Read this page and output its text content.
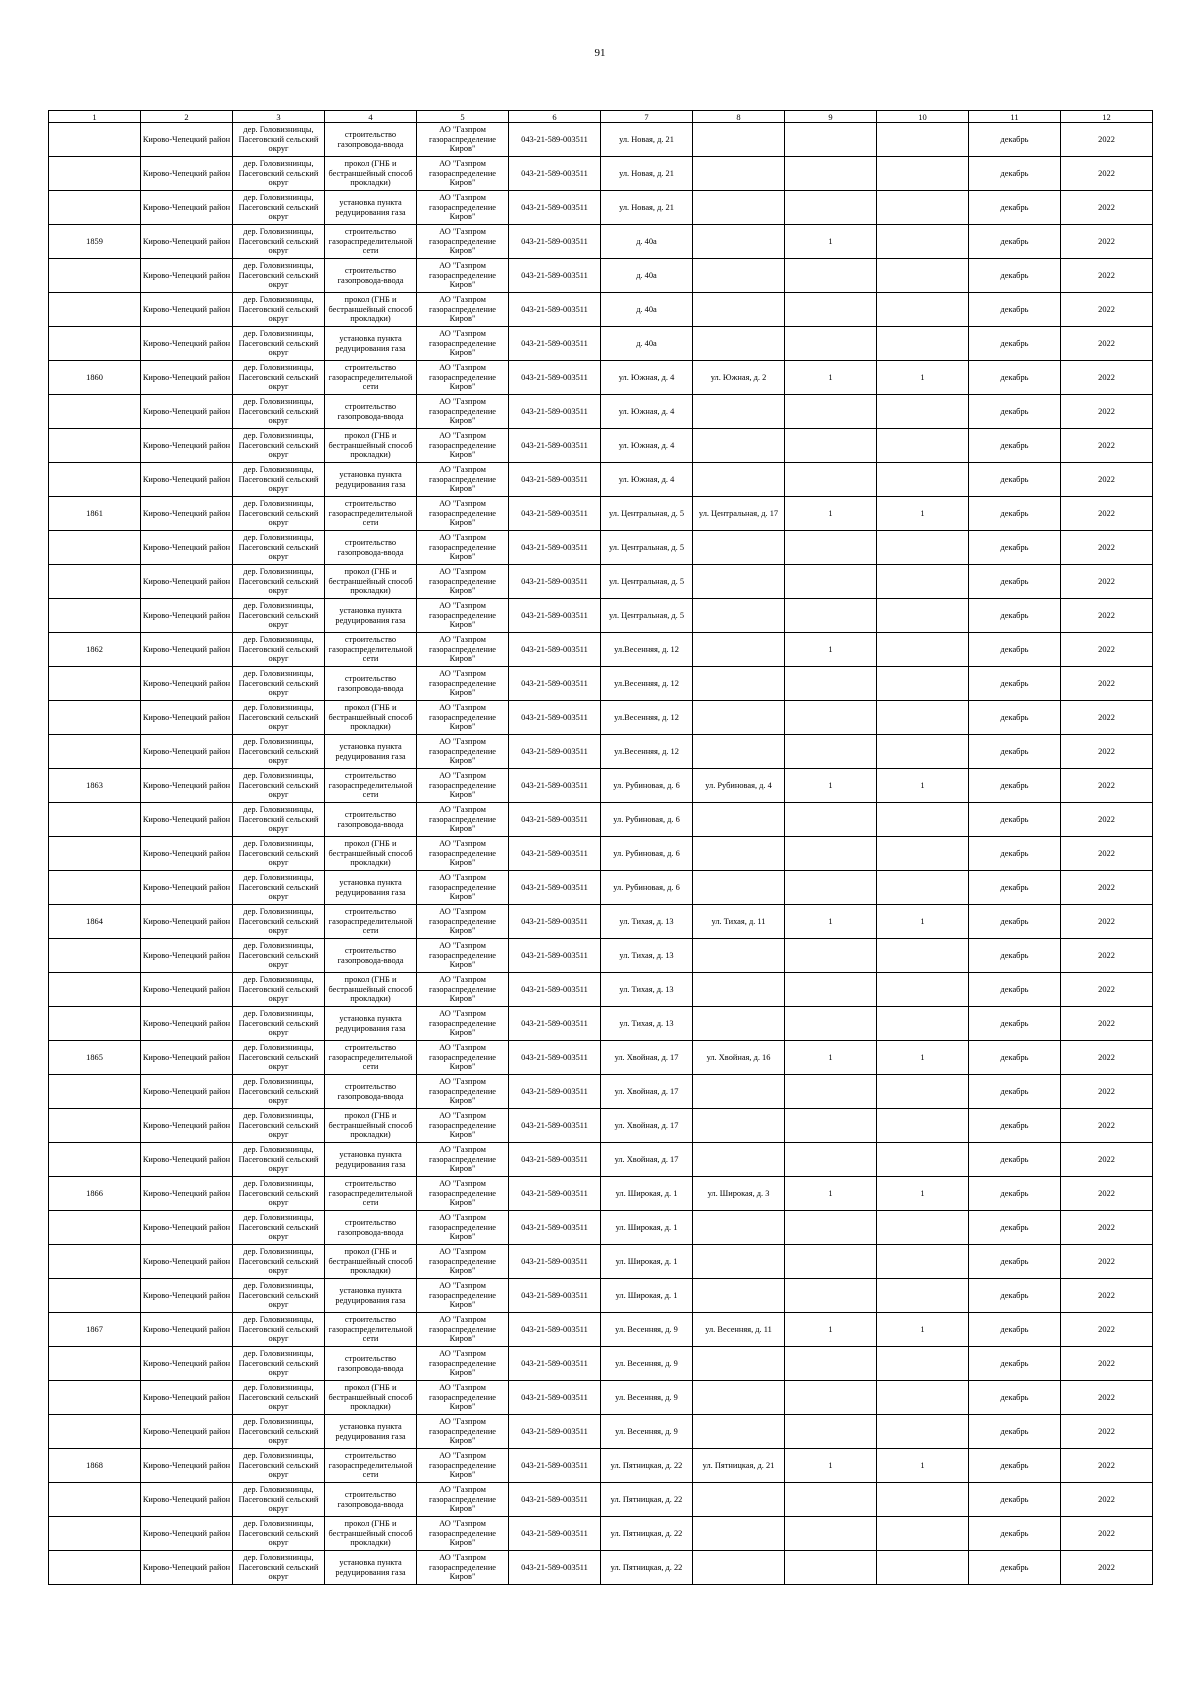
91
1	2	3	4	5	6	7	8	9	10	11	12

	Кирово-Чепецкий район	дер. Головизнинцы, Пасеговский сельский округ	строительство газопровода-ввода	АО "Газпром газораспределение Киров"	043-21-589-003511	ул. Новая, д. 21				декабрь	2022

	Кирово-Чепецкий район	дер. Головизнинцы, Пасеговский сельский округ	прокол (ГНБ и бестраншейный способ прокладки)	АО "Газпром газораспределение Киров"	043-21-589-003511	ул. Новая, д. 21				декабрь	2022

	Кирово-Чепецкий район	дер. Головизнинцы, Пасеговский сельский округ	установка пункта редуцирования газа	АО "Газпром газораспределение Киров"	043-21-589-003511	ул. Новая, д. 21				декабрь	2022

1859	Кирово-Чепецкий район	дер. Головизнинцы, Пасеговский сельский округ	строительство газораспределительной сети	АО "Газпром газораспределение Киров"	043-21-589-003511	д. 40а		1		декабрь	2022

	Кирово-Чепецкий район	дер. Головизнинцы, Пасеговский сельский округ	строительство газопровода-ввода	АО "Газпром газораспределение Киров"	043-21-589-003511	д. 40а				декабрь	2022

	Кирово-Чепецкий район	дер. Головизнинцы, Пасеговский сельский округ	прокол (ГНБ и бестраншейный способ прокладки)	АО "Газпром газораспределение Киров"	043-21-589-003511	д. 40а				декабрь	2022

	Кирово-Чепецкий район	дер. Головизнинцы, Пасеговский сельский округ	установка пункта редуцирования газа	АО "Газпром газораспределение Киров"	043-21-589-003511	д. 40а				декабрь	2022

1860	Кирово-Чепецкий район	дер. Головизнинцы, Пасеговский сельский округ	строительство газораспределительной сети	АО "Газпром газораспределение Киров"	043-21-589-003511	ул. Южная, д. 4	ул. Южная, д. 2	1	1	декабрь	2022

	Кирово-Чепецкий район	дер. Головизнинцы, Пасеговский сельский округ	строительство газопровода-ввода	АО "Газпром газораспределение Киров"	043-21-589-003511	ул. Южная, д. 4				декабрь	2022

	Кирово-Чепецкий район	дер. Головизнинцы, Пасеговский сельский округ	прокол (ГНБ и бестраншейный способ прокладки)	АО "Газпром газораспределение Киров"	043-21-589-003511	ул. Южная, д. 4				декабрь	2022

	Кирово-Чепецкий район	дер. Головизнинцы, Пасеговский сельский округ	установка пункта редуцирования газа	АО "Газпром газораспределение Киров"	043-21-589-003511	ул. Южная, д. 4				декабрь	2022

1861	Кирово-Чепецкий район	дер. Головизнинцы, Пасеговский сельский округ	строительство газораспределительной сети	АО "Газпром газораспределение Киров"	043-21-589-003511	ул. Центральная, д. 5	ул. Центральная, д. 17	1	1	декабрь	2022

	Кирово-Чепецкий район	дер. Головизнинцы, Пасеговский сельский округ	строительство газопровода-ввода	АО "Газпром газораспределение Киров"	043-21-589-003511	ул. Центральная, д. 5				декабрь	2022

	Кирово-Чепецкий район	дер. Головизнинцы, Пасеговский сельский округ	прокол (ГНБ и бестраншейный способ прокладки)	АО "Газпром газораспределение Киров"	043-21-589-003511	ул. Центральная, д. 5				декабрь	2022

	Кирово-Чепецкий район	дер. Головизнинцы, Пасеговский сельский округ	установка пункта редуцирования газа	АО "Газпром газораспределение Киров"	043-21-589-003511	ул. Центральная, д. 5				декабрь	2022

1862	Кирово-Чепецкий район	дер. Головизнинцы, Пасеговский сельский округ	строительство газораспределительной сети	АО "Газпром газораспределение Киров"	043-21-589-003511	ул.Весенняя, д. 12		1		декабрь	2022

	Кирово-Чепецкий район	дер. Головизнинцы, Пасеговский сельский округ	строительство газопровода-ввода	АО "Газпром газораспределение Киров"	043-21-589-003511	ул.Весенняя, д. 12				декабрь	2022

	Кирово-Чепецкий район	дер. Головизнинцы, Пасеговский сельский округ	прокол (ГНБ и бестраншейный способ прокладки)	АО "Газпром газораспределение Киров"	043-21-589-003511	ул.Весенняя, д. 12				декабрь	2022

	Кирово-Чепецкий район	дер. Головизнинцы, Пасеговский сельский округ	установка пункта редуцирования газа	АО "Газпром газораспределение Киров"	043-21-589-003511	ул.Весенняя, д. 12				декабрь	2022

1863	Кирово-Чепецкий район	дер. Головизнинцы, Пасеговский сельский округ	строительство газораспределительной сети	АО "Газпром газораспределение Киров"	043-21-589-003511	ул. Рубиновая, д. 6	ул. Рубиновая, д. 4	1	1	декабрь	2022

	Кирово-Чепецкий район	дер. Головизнинцы, Пасеговский сельский округ	строительство газопровода-ввода	АО "Газпром газораспределение Киров"	043-21-589-003511	ул. Рубиновая, д. 6				декабрь	2022

	Кирово-Чепецкий район	дер. Головизнинцы, Пасеговский сельский округ	прокол (ГНБ и бестраншейный способ прокладки)	АО "Газпром газораспределение Киров"	043-21-589-003511	ул. Рубиновая, д. 6				декабрь	2022

	Кирово-Чепецкий район	дер. Головизнинцы, Пасеговский сельский округ	установка пункта редуцирования газа	АО "Газпром газораспределение Киров"	043-21-589-003511	ул. Рубиновая, д. 6				декабрь	2022

1864	Кирово-Чепецкий район	дер. Головизнинцы, Пасеговский сельский округ	строительство газораспределительной сети	АО "Газпром газораспределение Киров"	043-21-589-003511	ул. Тихая, д. 13	ул. Тихая, д. 11	1	1	декабрь	2022

	Кирово-Чепецкий район	дер. Головизнинцы, Пасеговский сельский округ	строительство газопровода-ввода	АО "Газпром газораспределение Киров"	043-21-589-003511	ул. Тихая, д. 13				декабрь	2022

	Кирово-Чепецкий район	дер. Головизнинцы, Пасеговский сельский округ	прокол (ГНБ и бестраншейный способ прокладки)	АО "Газпром газораспределение Киров"	043-21-589-003511	ул. Тихая, д. 13				декабрь	2022

	Кирово-Чепецкий район	дер. Головизнинцы, Пасеговский сельский округ	установка пункта редуцирования газа	АО "Газпром газораспределение Киров"	043-21-589-003511	ул. Тихая, д. 13				декабрь	2022

1865	Кирово-Чепецкий район	дер. Головизнинцы, Пасеговский сельский округ	строительство газораспределительной сети	АО "Газпром газораспределение Киров"	043-21-589-003511	ул. Хвойная, д. 17	ул. Хвойная, д. 16	1	1	декабрь	2022

	Кирово-Чепецкий район	дер. Головизнинцы, Пасеговский сельский округ	строительство газопровода-ввода	АО "Газпром газораспределение Киров"	043-21-589-003511	ул. Хвойная, д. 17				декабрь	2022

	Кирово-Чепецкий район	дер. Головизнинцы, Пасеговский сельский округ	прокол (ГНБ и бестраншейный способ прокладки)	АО "Газпром газораспределение Киров"	043-21-589-003511	ул. Хвойная, д. 17				декабрь	2022

	Кирово-Чепецкий район	дер. Головизнинцы, Пасеговский сельский округ	установка пункта редуцирования газа	АО "Газпром газораспределение Киров"	043-21-589-003511	ул. Хвойная, д. 17				декабрь	2022

1866	Кирово-Чепецкий район	дер. Головизнинцы, Пасеговский сельский округ	строительство газораспределительной сети	АО "Газпром газораспределение Киров"	043-21-589-003511	ул. Широкая, д. 1	ул. Широкая, д. 3	1	1	декабрь	2022

	Кирово-Чепецкий район	дер. Головизнинцы, Пасеговский сельский округ	строительство газопровода-ввода	АО "Газпром газораспределение Киров"	043-21-589-003511	ул. Широкая, д. 1				декабрь	2022

	Кирово-Чепецкий район	дер. Головизнинцы, Пасеговский сельский округ	прокол (ГНБ и бестраншейный способ прокладки)	АО "Газпром газораспределение Киров"	043-21-589-003511	ул. Широкая, д. 1				декабрь	2022

	Кирово-Чепецкий район	дер. Головизнинцы, Пасеговский сельский округ	установка пункта редуцирования газа	АО "Газпром газораспределение Киров"	043-21-589-003511	ул. Широкая, д. 1				декабрь	2022

1867	Кирово-Чепецкий район	дер. Головизнинцы, Пасеговский сельский округ	строительство газораспределительной сети	АО "Газпром газораспределение Киров"	043-21-589-003511	ул. Весенняя, д. 9	ул. Весенняя, д. 11	1	1	декабрь	2022

	Кирово-Чепецкий район	дер. Головизнинцы, Пасеговский сельский округ	строительство газопровода-ввода	АО "Газпром газораспределение Киров"	043-21-589-003511	ул. Весенняя, д. 9				декабрь	2022

	Кирово-Чепецкий район	дер. Головизнинцы, Пасеговский сельский округ	прокол (ГНБ и бестраншейный способ прокладки)	АО "Газпром газораспределение Киров"	043-21-589-003511	ул. Весенняя, д. 9				декабрь	2022

	Кирово-Чепецкий район	дер. Головизнинцы, Пасеговский сельский округ	установка пункта редуцирования газа	АО "Газпром газораспределение Киров"	043-21-589-003511	ул. Весенняя, д. 9				декабрь	2022

1868	Кирово-Чепецкий район	дер. Головизнинцы, Пасеговский сельский округ	строительство газораспределительной сети	АО "Газпром газораспределение Киров"	043-21-589-003511	ул. Пятницкая, д. 22	ул. Пятницкая, д. 21	1	1	декабрь	2022

	Кирово-Чепецкий район	дер. Головизнинцы, Пасеговский сельский округ	строительство газопровода-ввода	АО "Газпром газораспределение Киров"	043-21-589-003511	ул. Пятницкая, д. 22				декабрь	2022

	Кирово-Чепецкий район	дер. Головизнинцы, Пасеговский сельский округ	прокол (ГНБ и бестраншейный способ прокладки)	АО "Газпром газораспределение Киров"	043-21-589-003511	ул. Пятницкая, д. 22				декабрь	2022

	Кирово-Чепецкий район	дер. Головизнинцы, Пасеговский сельский округ	установка пункта редуцирования газа	АО "Газпром газораспределение Киров"	043-21-589-003511	ул. Пятницкая, д. 22				декабрь	2022
